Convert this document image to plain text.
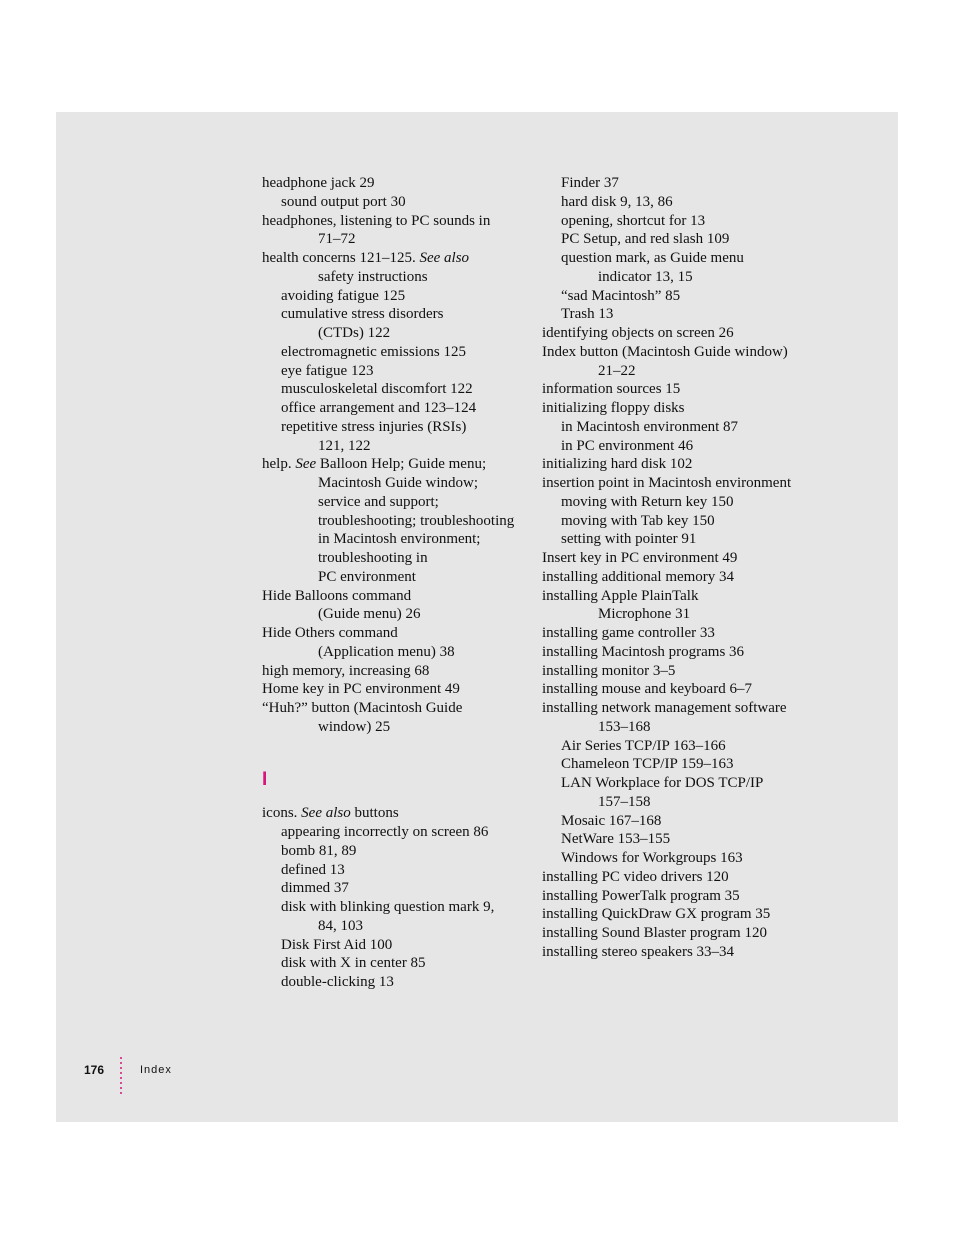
headphone jack 29
sound output port 30
headphones, listening to PC sounds in
71–72
health concerns 121–125. See also
safety instructions
avoiding fatigue 125
cumulative stress disorders
(CTDs) 122
electromagnetic emissions 125
eye fatigue 123
musculoskeletal discomfort 122
office arrangement and 123–124
repetitive stress injuries (RSIs)
121, 122
help. See Balloon Help; Guide menu;
Macintosh Guide window;
service and support;
troubleshooting; troubleshooting
in Macintosh environment;
troubleshooting in
PC environment
Hide Balloons command
(Guide menu) 26
Hide Others command
(Application menu) 38
high memory, increasing 68
Home key in PC environment 49
“Huh?” button (Macintosh Guide
window) 25
I
icons. See also buttons
appearing incorrectly on screen 86
bomb 81, 89
defined 13
dimmed 37
disk with blinking question mark 9,
84, 103
Disk First Aid 100
disk with X in center 85
double-clicking 13
Finder 37
hard disk 9, 13, 86
opening, shortcut for 13
PC Setup, and red slash 109
question mark, as Guide menu
indicator 13, 15
“sad Macintosh” 85
Trash 13
identifying objects on screen 26
Index button (Macintosh Guide window)
21–22
information sources 15
initializing floppy disks
in Macintosh environment 87
in PC environment 46
initializing hard disk 102
insertion point in Macintosh environment
moving with Return key 150
moving with Tab key 150
setting with pointer 91
Insert key in PC environment 49
installing additional memory 34
installing Apple PlainTalk
Microphone 31
installing game controller 33
installing Macintosh programs 36
installing monitor 3–5
installing mouse and keyboard 6–7
installing network management software
153–168
Air Series TCP/IP 163–166
Chameleon TCP/IP 159–163
LAN Workplace for DOS TCP/IP
157–158
Mosaic 167–168
NetWare 153–155
Windows for Workgroups 163
installing PC video drivers 120
installing PowerTalk program 35
installing QuickDraw GX program 35
installing Sound Blaster program 120
installing stereo speakers 33–34
176	Index
